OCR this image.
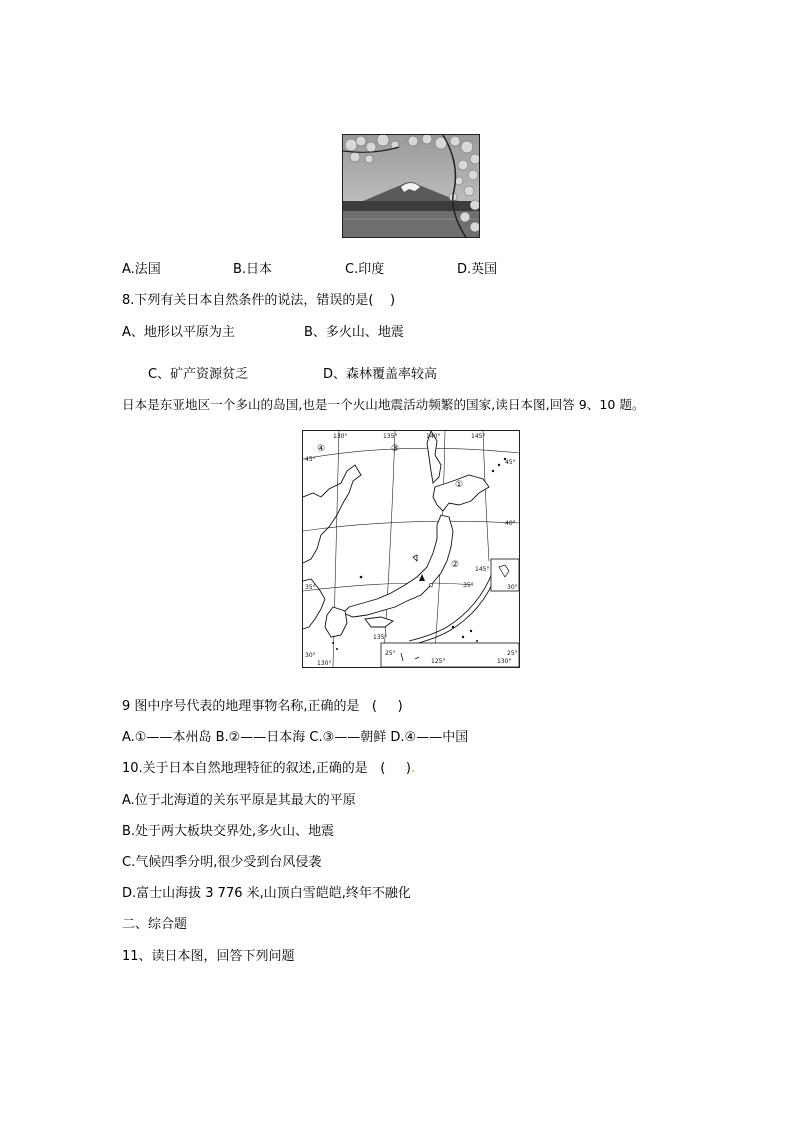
A.法国	B.日本	C.印度	D.英国
8.下列有关日本自然条件的说法，错误的是(    )
A、地形以平原为主	B、多火山、地震
C、矿产资源贫乏	D、森林覆盖率较高
日本是东亚地区一个多山的岛国,也是一个火山地震活动频繁的国家,读日本图,回答 9、10 题。
130°	135°	140°	145°
130°
135°
125°	130°
45°	45°
40°
35°	35°
30°
30°
25°	25°
145°
①
②
③
④
9 图中序号代表的地理事物名称,正确的是   (     )
A.①——本州岛 B.②——日本海 C.③——朝鲜 D.④——中国
10.关于日本自然地理特征的叙述,正确的是   (     ).
A.位于北海道的关东平原是其最大的平原
B.处于两大板块交界处,多火山、地震
C.气候四季分明,很少受到台风侵袭
D.富士山海拔 3 776 米,山顶白雪皑皑,终年不融化
二、综合题
11、读日本图，回答下列问题
